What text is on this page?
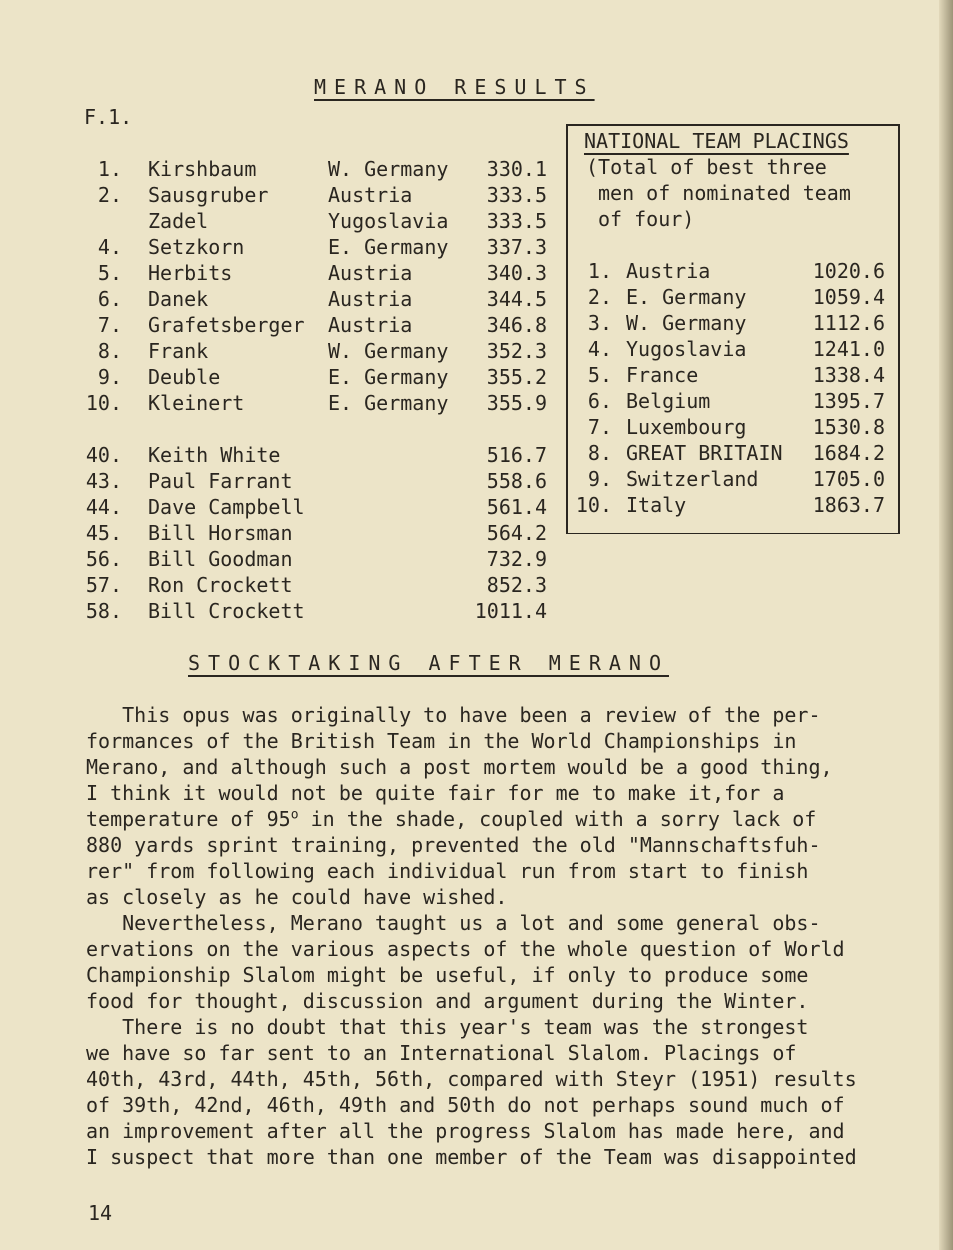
MERANO RESULTS
F.1.
1. Kirshbaum	W. Germany	330.1
2. Sausgruber	Austria	333.5
Zadel	Yugoslavia	333.5
4. Setzkorn	E. Germany	337.3
5. Herbits	Austria	340.3
6. Danek	Austria	344.5
7. Grafetsberger Austria	346.8
8. Frank	W. Germany	352.3
9. Deuble	E. Germany	355.2
10. Kleinert	E. Germany	355.9
40. Keith White	516.7
43. Paul Farrant	558.6
44. Dave Campbell	561.4
45. Bill Horsman	564.2
56. Bill Goodman	732.9
57. Ron Crockett	852.3
58. Bill Crockett	1011.4
NATIONAL TEAM PLACINGS
(Total of best three
men of nominated team
of four)
1. Austria	1020.6
2. E. Germany	1059.4
3. W. Germany	1112.6
4. Yugoslavia	1241.0
5. France	1338.4
6. Belgium	1395.7
7. Luxembourg	1530.8
8. GREAT BRITAIN	1684.2
9. Switzerland	1705.0
10. Italy	1863.7
STOCKTAKING AFTER MERANO

This opus was originally to have been a review of the per-

formances of the British Team in the World Championships in

Merano, and although such a post mortem would be a good thing,

I think it would not be quite fair for me to make it,for a

temperature of 95$^o$ in the shade, coupled with a sorry lack of

880 yards sprint training, prevented the old "Mannschaftsfuh-

rer" from following each individual run from start to finish

as closely as he could have wished.

Nevertheless, Merano taught us a lot and some general obs-

ervations on the various aspects of the whole question of World

Championship Slalom might be useful, if only to produce some

food for thought, discussion and argument during the Winter.

There is no doubt that this year's team was the strongest

we have so far sent to an International Slalom. Placings of

40th, 43rd, 44th, 45th, 56th, compared with Steyr (1951) results

of 39th, 42nd, 46th, 49th and 50th do not perhaps sound much of

an improvement after all the progress Slalom has made here, and

I suspect that more than one member of the Team was disappointed

14
